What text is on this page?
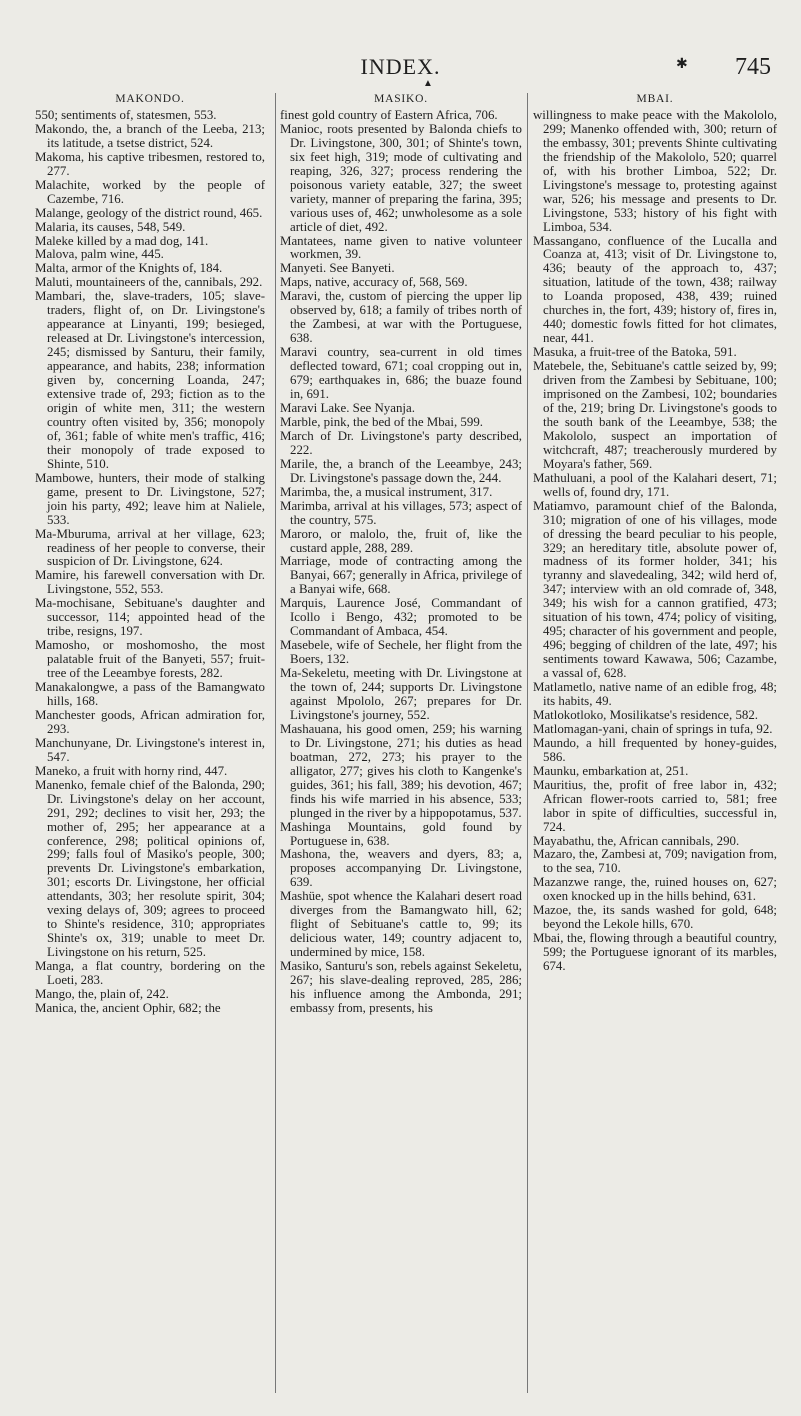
INDEX.
▲
✱ 745
MAKONDO.

550; sentiments of, statesmen, 553.

Makondo, the, a branch of the Leeba, 213; its latitude, a tsetse district, 524.

Makoma, his captive tribesmen, restored to, 277.

Malachite, worked by the people of Cazembe, 716.

Malange, geology of the district round, 465.

Malaria, its causes, 548, 549.

Maleke killed by a mad dog, 141.

Malova, palm wine, 445.

Malta, armor of the Knights of, 184.

Maluti, mountaineers of the, cannibals, 292.

Mambari, the, slave-traders, 105; slave-traders, flight of, on Dr. Livingstone's appearance at Linyanti, 199; besieged, released at Dr. Livingstone's intercession, 245; dismissed by Santuru, their family, appearance, and habits, 238; information given by, concerning Loanda, 247; extensive trade of, 293; fiction as to the origin of white men, 311; the western country often visited by, 356; monopoly of, 361; fable of white men's traffic, 416; their monopoly of trade exposed to Shinte, 510.

Mambowe, hunters, their mode of stalking game, present to Dr. Livingstone, 527; join his party, 492; leave him at Naliele, 533.

Ma-Mburuma, arrival at her village, 623; readiness of her people to converse, their suspicion of Dr. Livingstone, 624.

Mamire, his farewell conversation with Dr. Livingstone, 552, 553.

Ma-mochisane, Sebituane's daughter and successor, 114; appointed head of the tribe, resigns, 197.

Mamosho, or moshomosho, the most palatable fruit of the Banyeti, 557; fruit-tree of the Leeambye forests, 282.

Manakalongwe, a pass of the Bamangwato hills, 168.

Manchester goods, African admiration for, 293.

Manchunyane, Dr. Livingstone's interest in, 547.

Maneko, a fruit with horny rind, 447.

Manenko, female chief of the Balonda, 290; Dr. Livingstone's delay on her account, 291, 292; declines to visit her, 293; the mother of, 295; her appearance at a conference, 298; political opinions of, 299; falls foul of Masiko's people, 300; prevents Dr. Livingstone's embarkation, 301; escorts Dr. Livingstone, her official attendants, 303; her resolute spirit, 304; vexing delays of, 309; agrees to proceed to Shinte's residence, 310; appropriates Shinte's ox, 319; unable to meet Dr. Livingstone on his return, 525.

Manga, a flat country, bordering on the Loeti, 283.

Mango, the, plain of, 242.

Manica, the, ancient Ophir, 682; the

MASIKO.

finest gold country of Eastern Africa, 706.

Manioc, roots presented by Balonda chiefs to Dr. Livingstone, 300, 301; of Shinte's town, six feet high, 319; mode of cultivating and reaping, 326, 327; process rendering the poisonous variety eatable, 327; the sweet variety, manner of preparing the farina, 395; various uses of, 462; unwholesome as a sole article of diet, 492.

Mantatees, name given to native volunteer workmen, 39.

Manyeti. See Banyeti.

Maps, native, accuracy of, 568, 569.

Maravi, the, custom of piercing the upper lip observed by, 618; a family of tribes north of the Zambesi, at war with the Portuguese, 638.

Maravi country, sea-current in old times deflected toward, 671; coal cropping out in, 679; earthquakes in, 686; the buaze found in, 691.

Maravi Lake. See Nyanja.

Marble, pink, the bed of the Mbai, 599.

March of Dr. Livingstone's party described, 222.

Marile, the, a branch of the Leeambye, 243; Dr. Livingstone's passage down the, 244.

Marimba, the, a musical instrument, 317.

Marimba, arrival at his villages, 573; aspect of the country, 575.

Maroro, or malolo, the, fruit of, like the custard apple, 288, 289.

Marriage, mode of contracting among the Banyai, 667; generally in Africa, privilege of a Banyai wife, 668.

Marquis, Laurence José, Commandant of Icollo i Bengo, 432; promoted to be Commandant of Ambaca, 454.

Masebele, wife of Sechele, her flight from the Boers, 132.

Ma-Sekeletu, meeting with Dr. Livingstone at the town of, 244; supports Dr. Livingstone against Mpololo, 267; prepares for Dr. Livingstone's journey, 552.

Mashauana, his good omen, 259; his warning to Dr. Livingstone, 271; his duties as head boatman, 272, 273; his prayer to the alligator, 277; gives his cloth to Kangenke's guides, 361; his fall, 389; his devotion, 467; finds his wife married in his absence, 533; plunged in the river by a hippopotamus, 537.

Mashinga Mountains, gold found by Portuguese in, 638.

Mashona, the, weavers and dyers, 83; a, proposes accompanying Dr. Livingstone, 639.

Mashüe, spot whence the Kalahari desert road diverges from the Bamangwato hill, 62; flight of Sebituane's cattle to, 99; its delicious water, 149; country adjacent to, undermined by mice, 158.

Masiko, Santuru's son, rebels against Sekeletu, 267; his slave-dealing reproved, 285, 286; his influence among the Ambonda, 291; embassy from, presents, his

MBAI.

willingness to make peace with the Makololo, 299; Manenko offended with, 300; return of the embassy, 301; prevents Shinte cultivating the friendship of the Makololo, 520; quarrel of, with his brother Limboa, 522; Dr. Livingstone's message to, protesting against war, 526; his message and presents to Dr. Livingstone, 533; history of his fight with Limboa, 534.

Massangano, confluence of the Lucalla and Coanza at, 413; visit of Dr. Livingstone to, 436; beauty of the approach to, 437; situation, latitude of the town, 438; railway to Loanda proposed, 438, 439; ruined churches in, the fort, 439; history of, fires in, 440; domestic fowls fitted for hot climates, near, 441.

Masuka, a fruit-tree of the Batoka, 591.

Matebele, the, Sebituane's cattle seized by, 99; driven from the Zambesi by Sebituane, 100; imprisoned on the Zambesi, 102; boundaries of the, 219; bring Dr. Livingstone's goods to the south bank of the Leeambye, 538; the Makololo, suspect an importation of witchcraft, 487; treacherously murdered by Moyara's father, 569.

Mathuluani, a pool of the Kalahari desert, 71; wells of, found dry, 171.

Matiamvo, paramount chief of the Balonda, 310; migration of one of his villages, mode of dressing the beard peculiar to his people, 329; an hereditary title, absolute power of, madness of its former holder, 341; his tyranny and slavedealing, 342; wild herd of, 347; interview with an old comrade of, 348, 349; his wish for a cannon gratified, 473; situation of his town, 474; policy of visiting, 495; character of his government and people, 496; begging of children of the late, 497; his sentiments toward Kawawa, 506; Cazambe, a vassal of, 628.

Matlametlo, native name of an edible frog, 48; its habits, 49.

Matlokotloko, Mosilikatse's residence, 582.

Matlomagan-yani, chain of springs in tufa, 92.

Maundo, a hill frequented by honey-guides, 586.

Maunku, embarkation at, 251.

Mauritius, the, profit of free labor in, 432; African flower-roots carried to, 581; free labor in spite of difficulties, successful in, 724.

Mayabathu, the, African cannibals, 290.

Mazaro, the, Zambesi at, 709; navigation from, to the sea, 710.

Mazanzwe range, the, ruined houses on, 627; oxen knocked up in the hills behind, 631.

Mazoe, the, its sands washed for gold, 648; beyond the Lekole hills, 670.

Mbai, the, flowing through a beautiful country, 599; the Portuguese ignorant of its marbles, 674.
